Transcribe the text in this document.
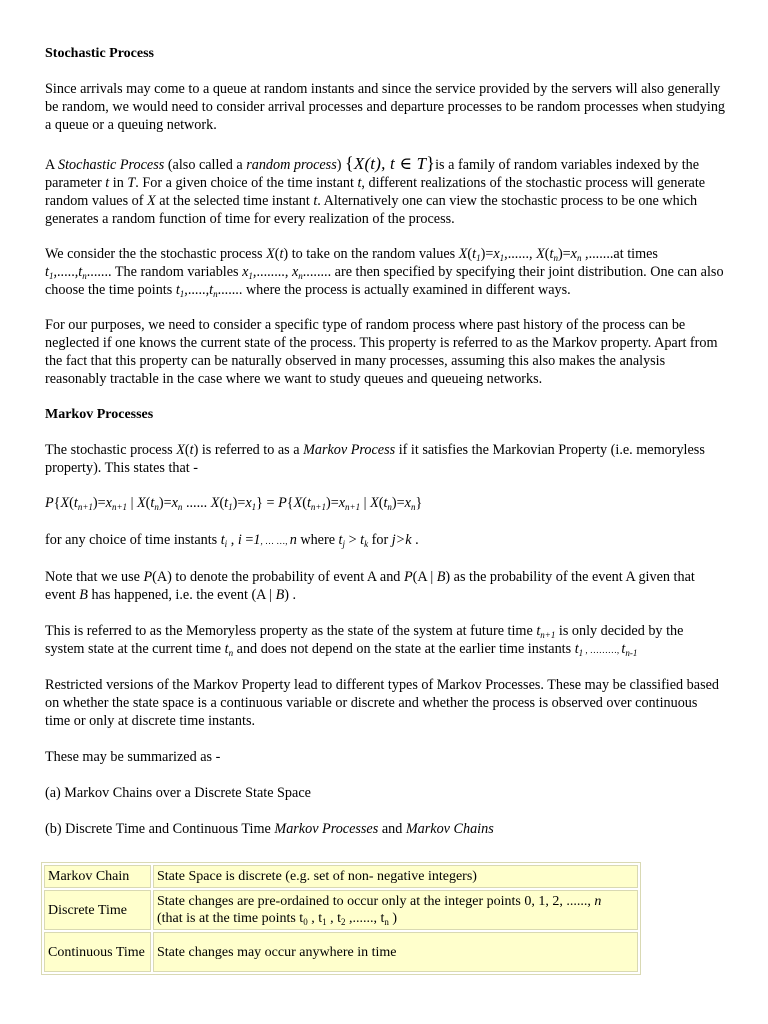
Stochastic Process

Since arrivals may come to a queue at random instants and since the service provided by the servers will also generally be random, we would need to consider arrival processes and departure processes to be random processes when studying a queue or a queuing network.

A Stochastic Process (also called a random process) {X(t), t ∈ T}is a family of random variables indexed by the parameter t in T. For a given choice of the time instant t, different realizations of the stochastic process will generate random values of X at the selected time instant t. Alternatively one can view the stochastic process to be one which generates a random function of time for every realization of the process.

We consider the the stochastic process X(t) to take on the random values $X(t_1)=x_1$,......, $X(t_n)=x_n$ ,.......at times $t_1,.....,t_n$....... The random variables $x_1$,........, $x_n$........ are then specified by specifying their joint distribution. One can also choose the time points $t_1,.....,t_n$....... where the process is actually examined in different ways.

For our purposes, we need to consider a specific type of random process where past history of the process can be neglected if one knows the current state of the process. This property is referred to as the Markov property. Apart from the fact that this property can be naturally observed in many processes, assuming this also makes the analysis reasonably tractable in the case where we want to study queues and queueing networks.

Markov Processes

The stochastic process X(t) is referred to as a Markov Process if it satisfies the Markovian Property (i.e. memoryless property). This states that -

$P\{X(t_{n+1})=x_{n+1}$ | $X(t_n)=x_n$ ...... $X(t_1)=x_1\} = P\{X(t_{n+1})=x_{n+1}$ | $X(t_n)=x_n$}

for any choice of time instants $t_i$ , i =1, … …, n where $t_j > t_k$ for j>k .

Note that we use P(A) to denote the probability of event A and P(A | B) as the probability of the event A given that event B has happened, i.e. the event (A | B) .

This is referred to as the Memoryless property as the state of the system at future time $t_{n+1}$ is only decided by the system state at the current time $t_n$ and does not depend on the state at the earlier time instants $t_1$ , ………, $t_{n-1}$

Restricted versions of the Markov Property lead to different types of Markov Processes. These may be classified based on whether the state space is a continuous variable or discrete and whether the process is observed over continuous time or only at discrete time instants.

These may be summarized as -

(a) Markov Chains over a Discrete State Space

(b) Discrete Time and Continuous Time Markov Processes and Markov Chains

Markov Chain	State Space is discrete (e.g. set of non- negative integers)
Discrete Time	State changes are pre-ordained to occur only at the integer points 0, 1, 2, ......, n
(that is at the time points $t_0$ , $t_1$ , $t_2$ ,......, $t_n$ )
Continuous Time	State changes may occur anywhere in time
